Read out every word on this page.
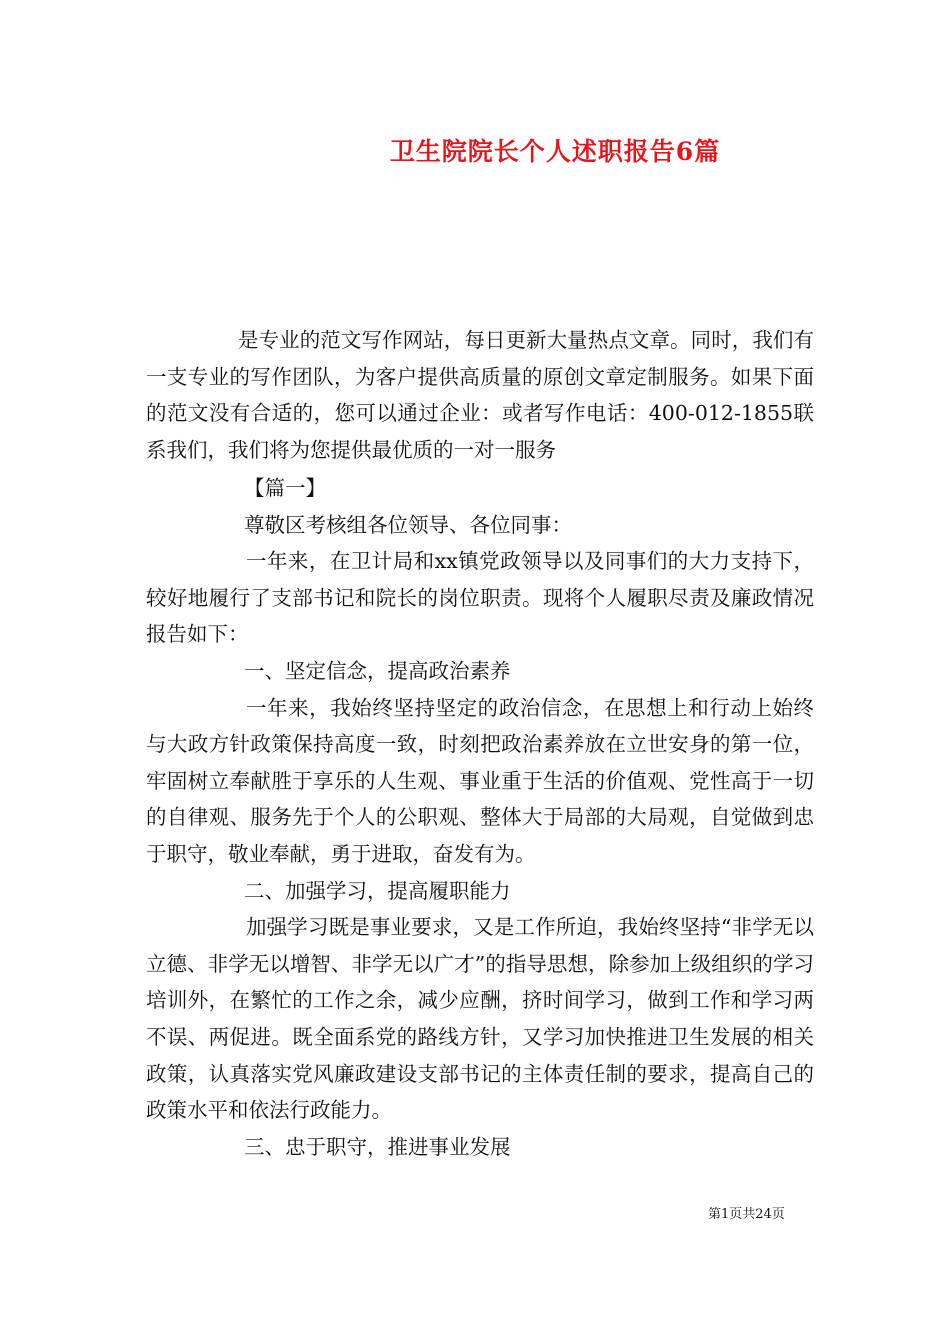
卫生院院长个人述职报告6篇

是专业的范文写作网站，每日更新大量热点文章。同时，我们有一支专业的写作团队，为客户提供高质量的原创文章定制服务。如果下面的范文没有合适的，您可以通过企业：或者写作电话：400-012-1855联系我们，我们将为您提供最优质的一对一服务

【篇一】

尊敬区考核组各位领导、各位同事：

一年来，在卫计局和xx镇党政领导以及同事们的大力支持下，较好地履行了支部书记和院长的岗位职责。现将个人履职尽责及廉政情况报告如下：

一、坚定信念，提高政治素养

一年来，我始终坚持坚定的政治信念，在思想上和行动上始终与大政方针政策保持高度一致，时刻把政治素养放在立世安身的第一位，牢固树立奉献胜于享乐的人生观、事业重于生活的价值观、党性高于一切的自律观、服务先于个人的公职观、整体大于局部的大局观，自觉做到忠于职守，敬业奉献，勇于进取，奋发有为。

二、加强学习，提高履职能力

加强学习既是事业要求，又是工作所迫，我始终坚持“非学无以立德、非学无以增智、非学无以广才”的指导思想，除参加上级组织的学习培训外，在繁忙的工作之余，减少应酬，挤时间学习，做到工作和学习两不误、两促进。既全面系党的路线方针，又学习加快推进卫生发展的相关政策，认真落实党风廉政建设支部书记的主体责任制的要求，提高自己的政策水平和依法行政能力。

三、忠于职守，推进事业发展

第1页共24页
